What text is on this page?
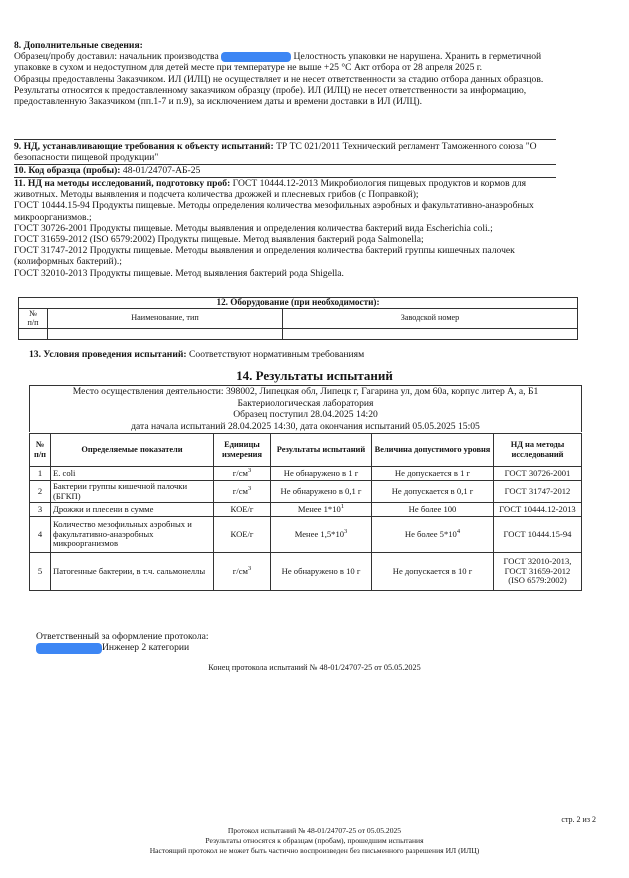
8. Дополнительные сведения:
Образец/пробу доставил: начальник производства	Целостность упаковки не нарушена. Хранить в герметичной упаковке в сухом и недоступном для детей месте при температуре не выше +25 °С Акт отбора от 28 апреля 2025 г.
Образцы предоставлены Заказчиком. ИЛ (ИЛЦ) не осуществляет и не несет ответственности за стадию отбора данных образцов. Результаты относятся к предоставленному заказчиком образцу (пробе). ИЛ (ИЛЦ) не несет ответственности за информацию, предоставленную Заказчиком (пп.1-7 и п.9), за исключением даты и времени доставки в ИЛ (ИЛЦ).
9. НД, устанавливающие требования к объекту испытаний: ТР ТС 021/2011 Технический регламент Таможенного союза "О безопасности пищевой продукции"
10. Код образца (пробы): 48-01/24707-АБ-25
11. НД на методы исследований, подготовку проб: ГОСТ 10444.12-2013 Микробиология пищевых продуктов и кормов для животных. Методы выявления и подсчета количества дрожжей и плесневых грибов (с Поправкой);
ГОСТ 10444.15-94 Продукты пищевые. Методы определения количества мезофильных аэробных и факультативно-анаэробных микроорганизмов.;
ГОСТ 30726-2001 Продукты пищевые. Методы выявления и определения количества бактерий вида Escherichia coli.;
ГОСТ 31659-2012 (ISO 6579:2002) Продукты пищевые. Метод выявления бактерий рода Salmonella;
ГОСТ 31747-2012 Продукты пищевые. Методы выявления и определения количества бактерий группы кишечных палочек (колиформных бактерий).;
ГОСТ 32010-2013 Продукты пищевые. Метод выявления бактерий рода Shigella.
12. Оборудование (при необходимости):		

№
п/п	Наименование, тип	Заводской номер

13. Условия проведения испытаний: Соответствуют нормативным требованиям
14. Результаты испытаний
Место осуществления деятельности: 398002, Липецкая обл, Липецк г, Гагарина ул, дом 60а, корпус литер А, а, Б1
Бактериологическая лаборатория
Образец поступил 28.04.2025 14:20
дата начала испытаний 28.04.2025 14:30, дата окончания испытаний 05.05.2025 15:05
№ п/п	Определяемые показатели	Единицы измерения	Результаты испытаний	Величина допустимого уровня	НД на методы исследований
1	E. coli	$г/см^3$	Не обнаружено в 1 г	Не допускается в 1 г	ГОСТ 30726-2001
2	Бактерии группы кишечной палочки (БГКП)	$г/см^3$	Не обнаружено в 0,1 г	Не допускается в 0,1 г	ГОСТ 31747-2012
3	Дрожжи и плесени в сумме	КОЕ/г	Менее $1*10^1$	Не более 100	ГОСТ 10444.12-2013
4	Количество мезофильных аэробных и факультативно-анаэробных микроорганизмов	КОЕ/г	Менее $1,5*10^3$	Не более $5*10^4$	ГОСТ 10444.15-94
5	Патогенные бактерии, в т.ч. сальмонеллы	$г/см^3$	Не обнаружено в 10 г	Не допускается в 10 г	ГОСТ 32010-2013, ГОСТ 31659-2012 (ISO 6579:2002)
Ответственный за оформление протокола:
Инженер 2 категории
Конец протокола испытаний № 48-01/24707-25 от 05.05.2025
стр. 2 из 2
Протокол испытаний № 48-01/24707-25 от 05.05.2025
Результаты относятся к образцам (пробам), прошедшим испытания
Настоящий протокол не может быть частично воспроизведен без письменного разрешения ИЛ (ИЛЦ)
